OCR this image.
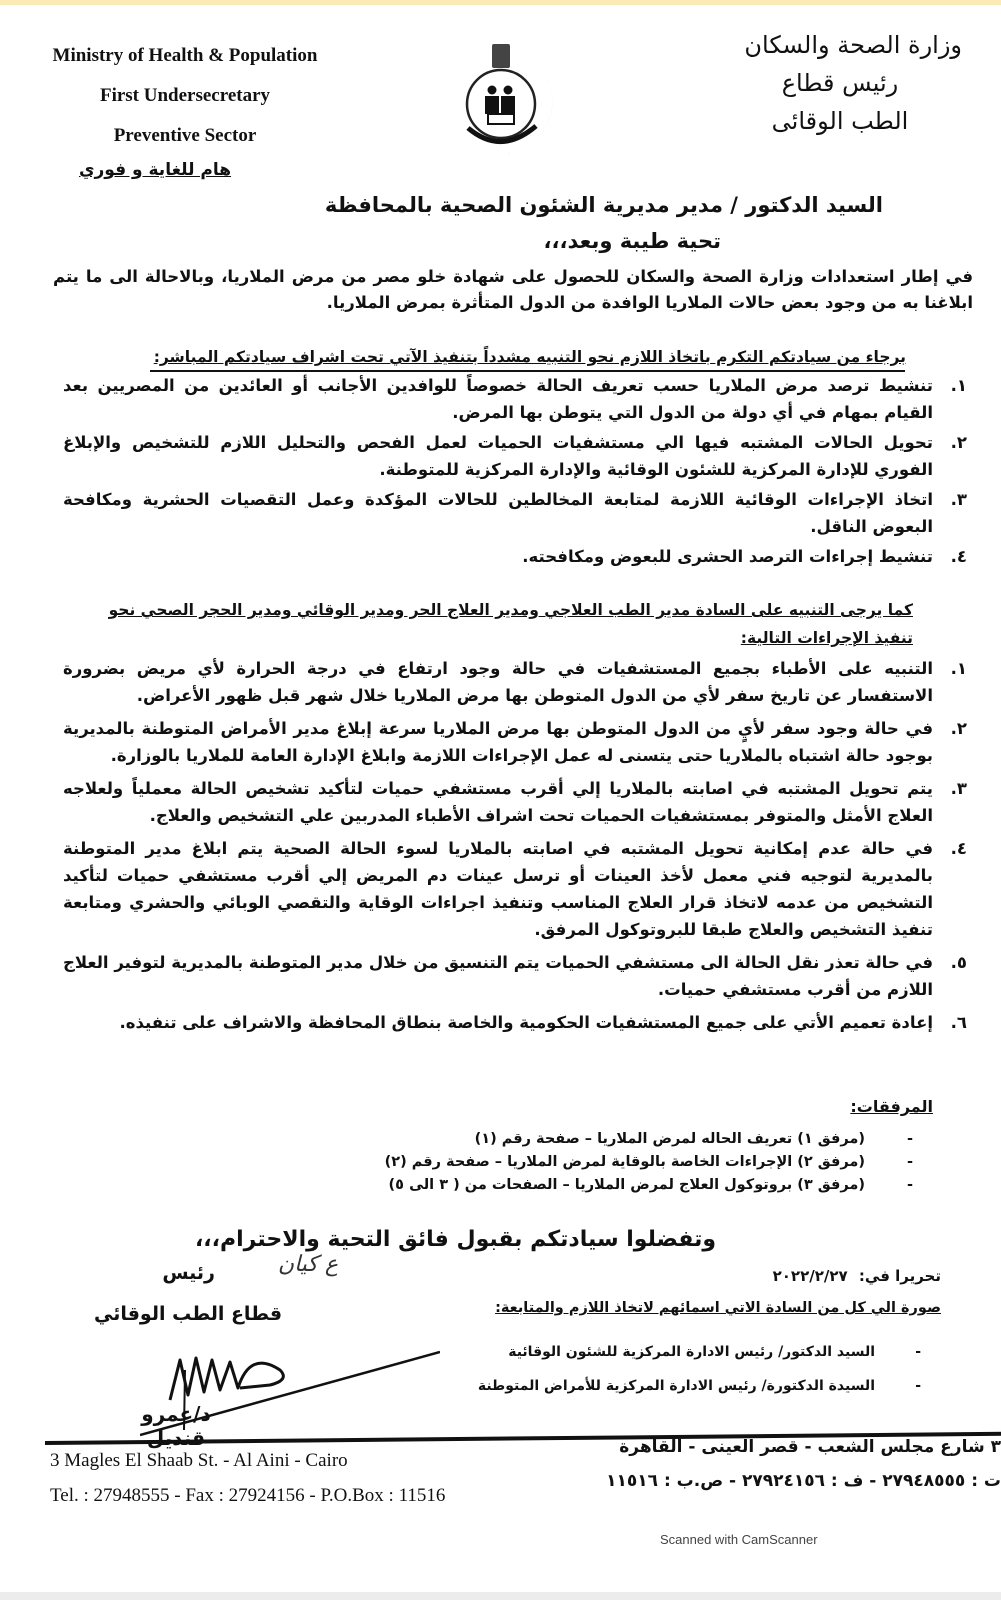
Ministry of Health & Population
First Undersecretary
Preventive Sector
هام للغاية و فوري
وزارة الصحة والسكان
رئيس قطاع
الطب الوقائى
السيد الدكتور / مدير مديرية الشئون الصحية بالمحافظة
تحية طيبة وبعد،،،
في إطار استعدادات وزارة الصحة والسكان للحصول على شهادة خلو مصر من مرض الملاريا، وبالاحالة الى ما يتم ابلاغنا به من وجود بعض حالات الملاريا الوافدة من الدول المتأثرة بمرض الملاريا.
برجاء من سيادتكم التكرم باتخاذ اللازم نحو التنبيه مشدداً بتنفيذ الآتي تحت اشراف سيادتكم المباشر:
١.
تنشيط ترصد مرض الملاريا حسب تعريف الحالة خصوصاً للوافدين الأجانب أو العائدين من المصريين بعد القيام بمهام في أي دولة من الدول التي يتوطن بها المرض.
٢.
تحويل الحالات المشتبه فيها الي مستشفيات الحميات لعمل الفحص والتحليل اللازم للتشخيص والإبلاغ الفوري للإدارة المركزية للشئون الوقائية والإدارة المركزية للمتوطنة.
٣.
اتخاذ الإجراءات الوقائية اللازمة لمتابعة المخالطين للحالات المؤكدة وعمل التقصيات الحشرية ومكافحة البعوض الناقل.
٤.
تنشيط إجراءات الترصد الحشرى للبعوض ومكافحته.
كما يرجى التنبيه على السادة مدير الطب العلاجي ومدير العلاج الحر ومدير الوقائي ومدير الحجر الصحي نحو تنفيذ الإجراءات التالية:
١.
التنبيه على الأطباء بجميع المستشفيات في حالة وجود ارتفاع في درجة الحرارة لأي مريض بضرورة الاستفسار عن تاريخ سفر لأي من الدول المتوطن بها مرض الملاريا خلال شهر قبل ظهور الأعراض.
٢.
في حالة وجود سفر لأيٍ من الدول المتوطن بها مرض الملاريا سرعة إبلاغ مدير الأمراض المتوطنة بالمديرية بوجود حالة اشتباه بالملاريا حتى يتسنى له عمل الإجراءات اللازمة وابلاغ الإدارة العامة للملاريا بالوزارة.
٣.
يتم تحويل المشتبه في اصابته بالملاريا إلي أقرب مستشفي حميات لتأكيد تشخيص الحالة معملياً ولعلاجه العلاج الأمثل والمتوفر بمستشفيات الحميات تحت اشراف الأطباء المدربين علي التشخيص والعلاج.
٤.
في حالة عدم إمكانية تحويل المشتبه في اصابته بالملاريا لسوء الحالة الصحية يتم ابلاغ مدير المتوطنة بالمديرية لتوجيه فني معمل لأخذ العينات أو ترسل عينات دم المريض إلي أقرب مستشفي حميات لتأكيد التشخيص من عدمه لاتخاذ قرار العلاج المناسب وتنفيذ اجراءات الوقاية والتقصي الوبائي والحشري ومتابعة تنفيذ التشخيص والعلاج طبقا للبروتوكول المرفق.
٥.
في حالة تعذر نقل الحالة الى مستشفي الحميات يتم التنسيق من خلال مدير المتوطنة بالمديرية لتوفير العلاج اللازم من أقرب مستشفي حميات.
٦.
إعادة تعميم الأتي على جميع المستشفيات الحكومية والخاصة بنطاق المحافظة والاشراف على تنفيذه.
المرفقات:
-
(مرفق ١) تعريف الحاله لمرض الملاريا – صفحة رقم (١)
-
(مرفق ٢) الإجراءات الخاصة بالوقاية لمرض الملاريا – صفحة رقم (٢)
-
(مرفق ٣) بروتوكول العلاج لمرض الملاريا – الصفحات من ( ٣ الى ٥)
وتفضلوا سيادتكم بقبول فائق التحية والاحترام،،،
تحريرا في: ٢٠٢٢/٢/٢٧
ع كيان
رئيس
قطاع الطب الوقائي
د/عمرو قنديل
صورة الي كل من السادة الاتي اسمائهم لاتخاذ اللازم والمتابعة:
-
السيد الدكتور/ رئيس الادارة المركزية للشئون الوقائية
-
السيدة الدكتورة/ رئيس الادارة المركزية للأمراض المتوطنة
3 Magles El Shaab St. - Al Aini - Cairo
Tel. : 27948555 - Fax : 27924156 - P.O.Box : 11516
٣ شارع مجلس الشعب - قصر العينى - القاهرة
ت : ٢٧٩٤٨٥٥٥ - ف : ٢٧٩٢٤١٥٦ - ص.ب : ١١٥١٦
Scanned with CamScanner
